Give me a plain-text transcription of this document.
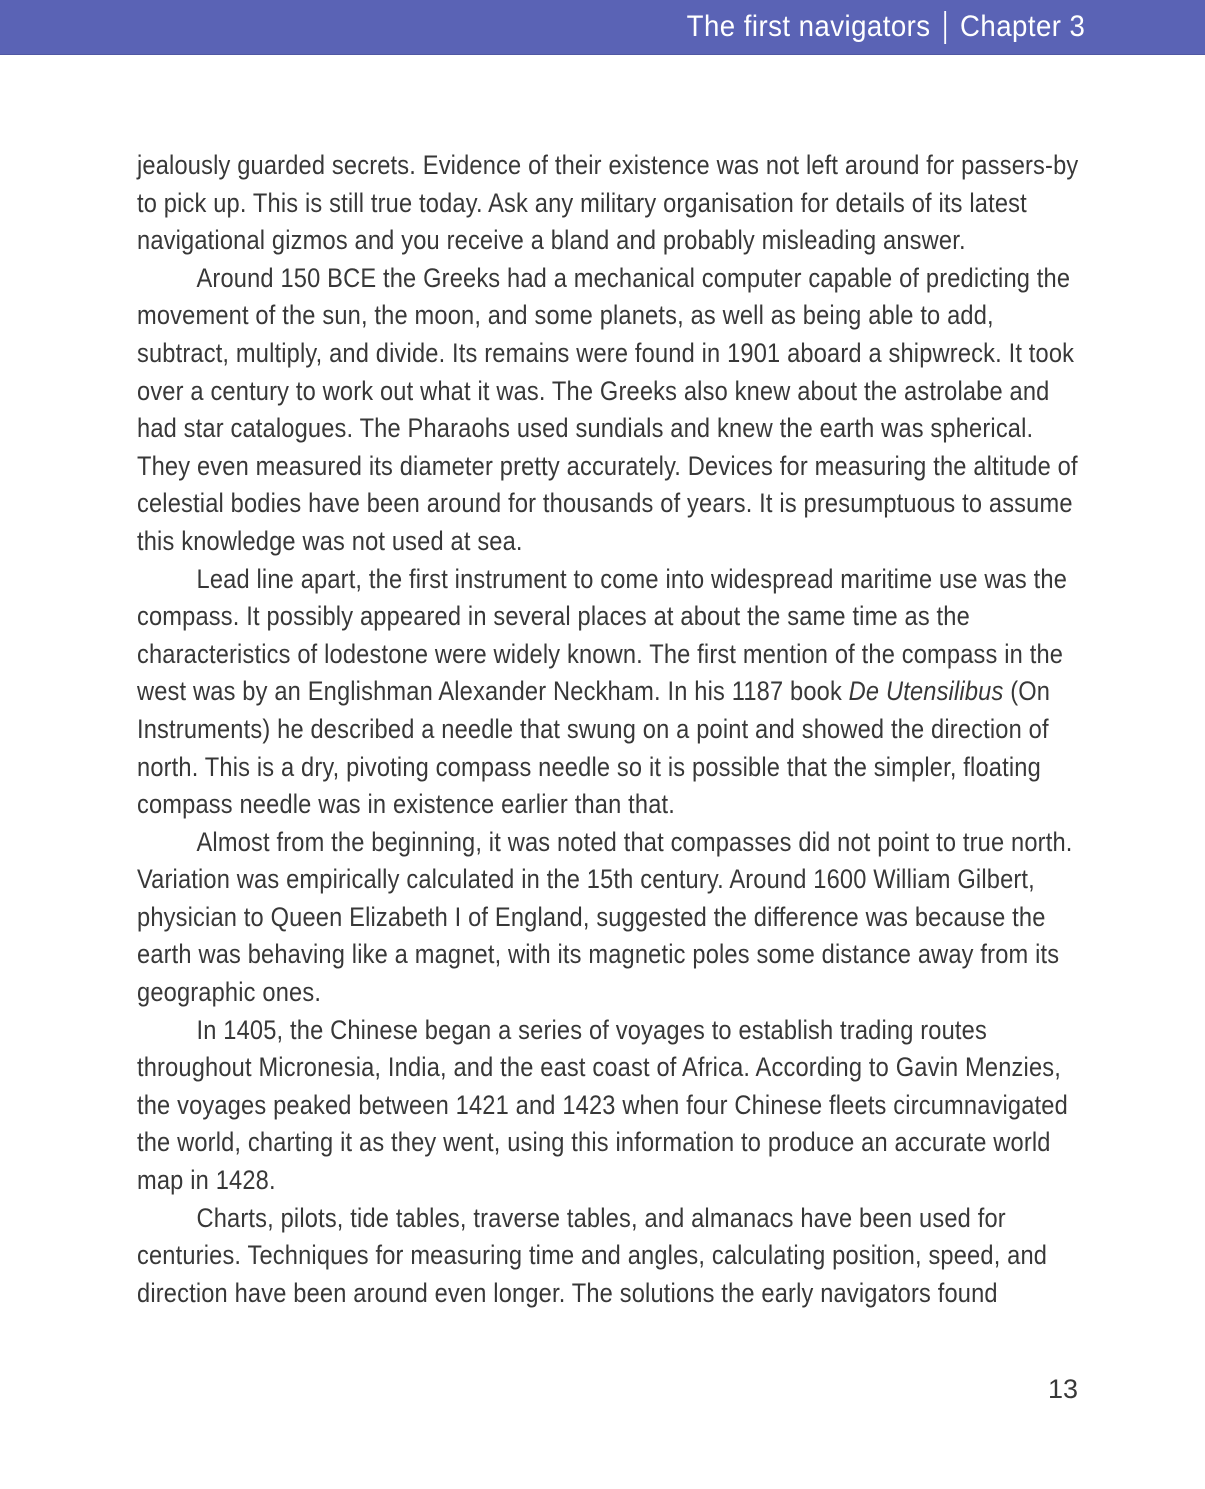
The first navigators Chapter 3

jealously guarded secrets. Evidence of their existence was not left around for passers-by to pick up. This is still true today. Ask any military organisation for details of its latest navigational gizmos and you receive a bland and probably misleading answer.

Around 150 BCE the Greeks had a mechanical computer capable of predicting the movement of the sun, the moon, and some planets, as well as being able to add, subtract, multiply, and divide. Its remains were found in 1901 aboard a shipwreck. It took over a century to work out what it was. The Greeks also knew about the astrolabe and had star catalogues. The Pharaohs used sundials and knew the earth was spherical. They even measured its diameter pretty accurately. Devices for measuring the altitude of celestial bodies have been around for thousands of years. It is presumptuous to assume this knowledge was not used at sea.

Lead line apart, the first instrument to come into widespread maritime use was the compass. It possibly appeared in several places at about the same time as the characteristics of lodestone were widely known. The first mention of the compass in the west was by an Englishman Alexander Neckham. In his 1187 book De Utensilibus (On Instruments) he described a needle that swung on a point and showed the direction of north. This is a dry, pivoting compass needle so it is possible that the simpler, floating compass needle was in existence earlier than that.

Almost from the beginning, it was noted that compasses did not point to true north. Variation was empirically calculated in the 15th century. Around 1600 William Gilbert, physician to Queen Elizabeth I of England, suggested the difference was because the earth was behaving like a magnet, with its magnetic poles some distance away from its geographic ones.

In 1405, the Chinese began a series of voyages to establish trading routes throughout Micronesia, India, and the east coast of Africa. According to Gavin Menzies, the voyages peaked between 1421 and 1423 when four Chinese fleets circumnavigated the world, charting it as they went, using this information to produce an accurate world map in 1428.

Charts, pilots, tide tables, traverse tables, and almanacs have been used for centuries. Techniques for measuring time and angles, calculating position, speed, and direction have been around even longer. The solutions the early navigators found

13
